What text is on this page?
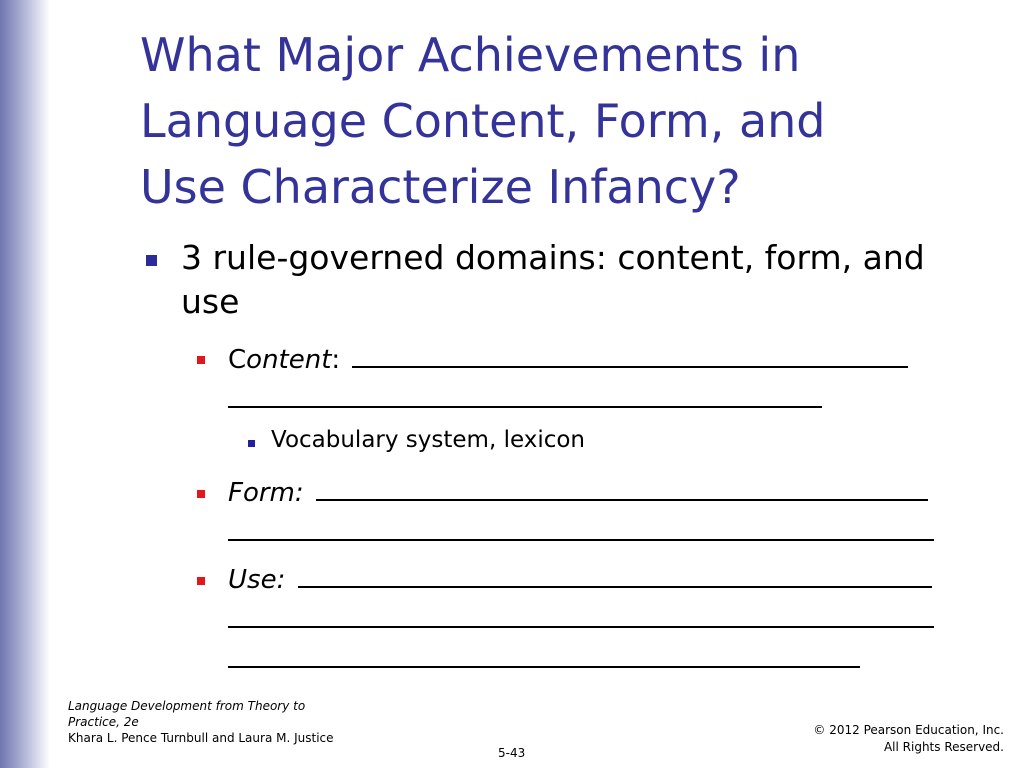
What Major Achievements in
Language Content, Form, and
Use Characterize Infancy?
3 rule-governed domains: content, form, and
use
Content:
Vocabulary system, lexicon
Form:
Use:
Language Development from Theory to
Practice, 2e
Khara L. Pence Turnbull and Laura M. Justice
© 2012 Pearson Education, Inc.
All Rights Reserved.
5-43
